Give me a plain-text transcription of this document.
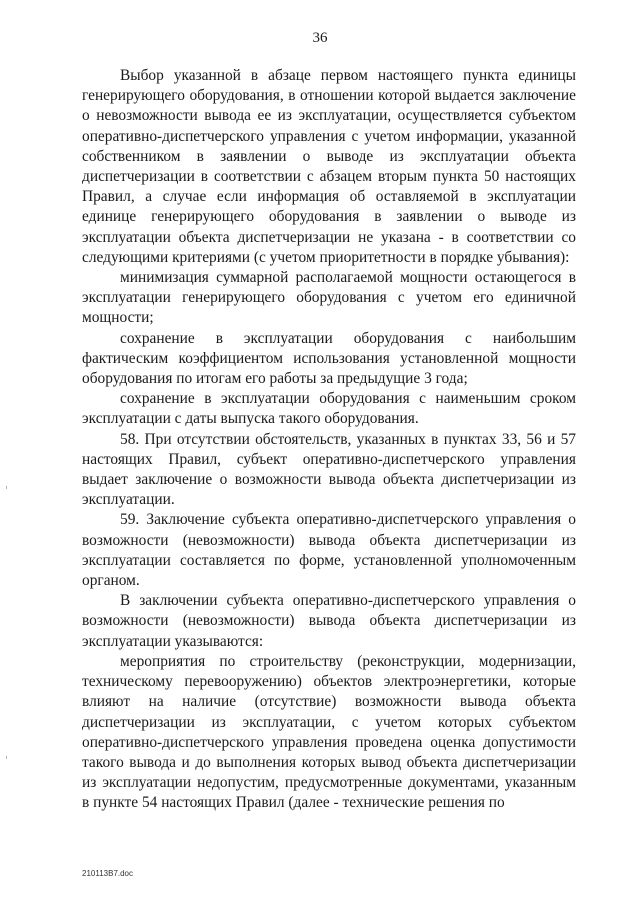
36

Выбор указанной в абзаце первом настоящего пункта единицы генерирующего оборудования, в отношении которой выдается заключение о невозможности вывода ее из эксплуатации, осуществляется субъектом оперативно-диспетчерского управления с учетом информации, указанной собственником в заявлении о выводе из эксплуатации объекта диспетчеризации в соответствии с абзацем вторым пункта 50 настоящих Правил, а случае если информация об оставляемой в эксплуатации единице генерирующего оборудования в заявлении о выводе из эксплуатации объекта диспетчеризации не указана - в соответствии со следующими критериями (с учетом приоритетности в порядке убывания):

минимизация суммарной располагаемой мощности остающегося в эксплуатации генерирующего оборудования с учетом его единичной мощности;

сохранение в эксплуатации оборудования с наибольшим фактическим коэффициентом использования установленной мощности оборудования по итогам его работы за предыдущие 3 года;

сохранение в эксплуатации оборудования с наименьшим сроком эксплуатации с даты выпуска такого оборудования.

58. При отсутствии обстоятельств, указанных в пунктах 33, 56 и 57 настоящих Правил, субъект оперативно-диспетчерского управления выдает заключение о возможности вывода объекта диспетчеризации из эксплуатации.

59. Заключение субъекта оперативно-диспетчерского управления о возможности (невозможности) вывода объекта диспетчеризации из эксплуатации составляется по форме, установленной уполномоченным органом.

В заключении субъекта оперативно-диспетчерского управления о возможности (невозможности) вывода объекта диспетчеризации из эксплуатации указываются:

мероприятия по строительству (реконструкции, модернизации, техническому перевооружению) объектов электроэнергетики, которые влияют на наличие (отсутствие) возможности вывода объекта диспетчеризации из эксплуатации, с учетом которых субъектом оперативно-диспетчерского управления проведена оценка допустимости такого вывода и до выполнения которых вывод объекта диспетчеризации из эксплуатации недопустим, предусмотренные документами, указанным в пункте 54 настоящих Правил (далее - технические решения по

210113B7.doc
